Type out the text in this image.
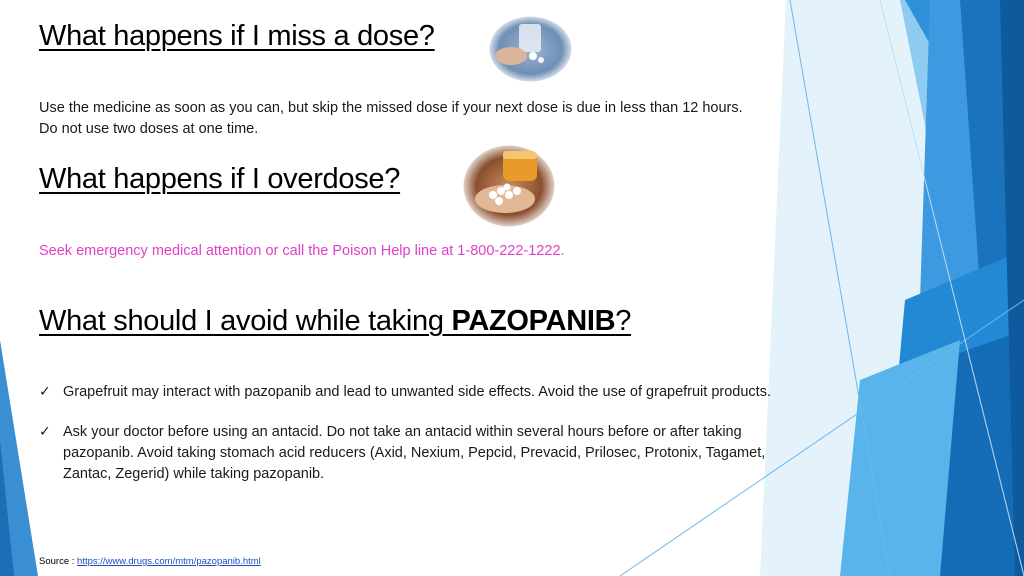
What happens if I miss a dose?

Use the medicine as soon as you can, but skip the missed dose if your next dose is due in less than 12 hours. Do not use two doses at one time.

What happens if I overdose?

Seek emergency medical attention or call the Poison Help line at 1-800-222-1222.

What should I avoid while taking PAZOPANIB?
✓ Grapefruit may interact with pazopanib and lead to unwanted side effects. Avoid the use of grapefruit products.
✓ Ask your doctor before using an antacid. Do not take an antacid within several hours before or after taking pazopanib. Avoid taking stomach acid reducers (Axid, Nexium, Pepcid, Prevacid, Prilosec, Protonix, Tagamet, Zantac, Zegerid) while taking pazopanib.
Source : https://www.drugs.com/mtm/pazopanib.html
